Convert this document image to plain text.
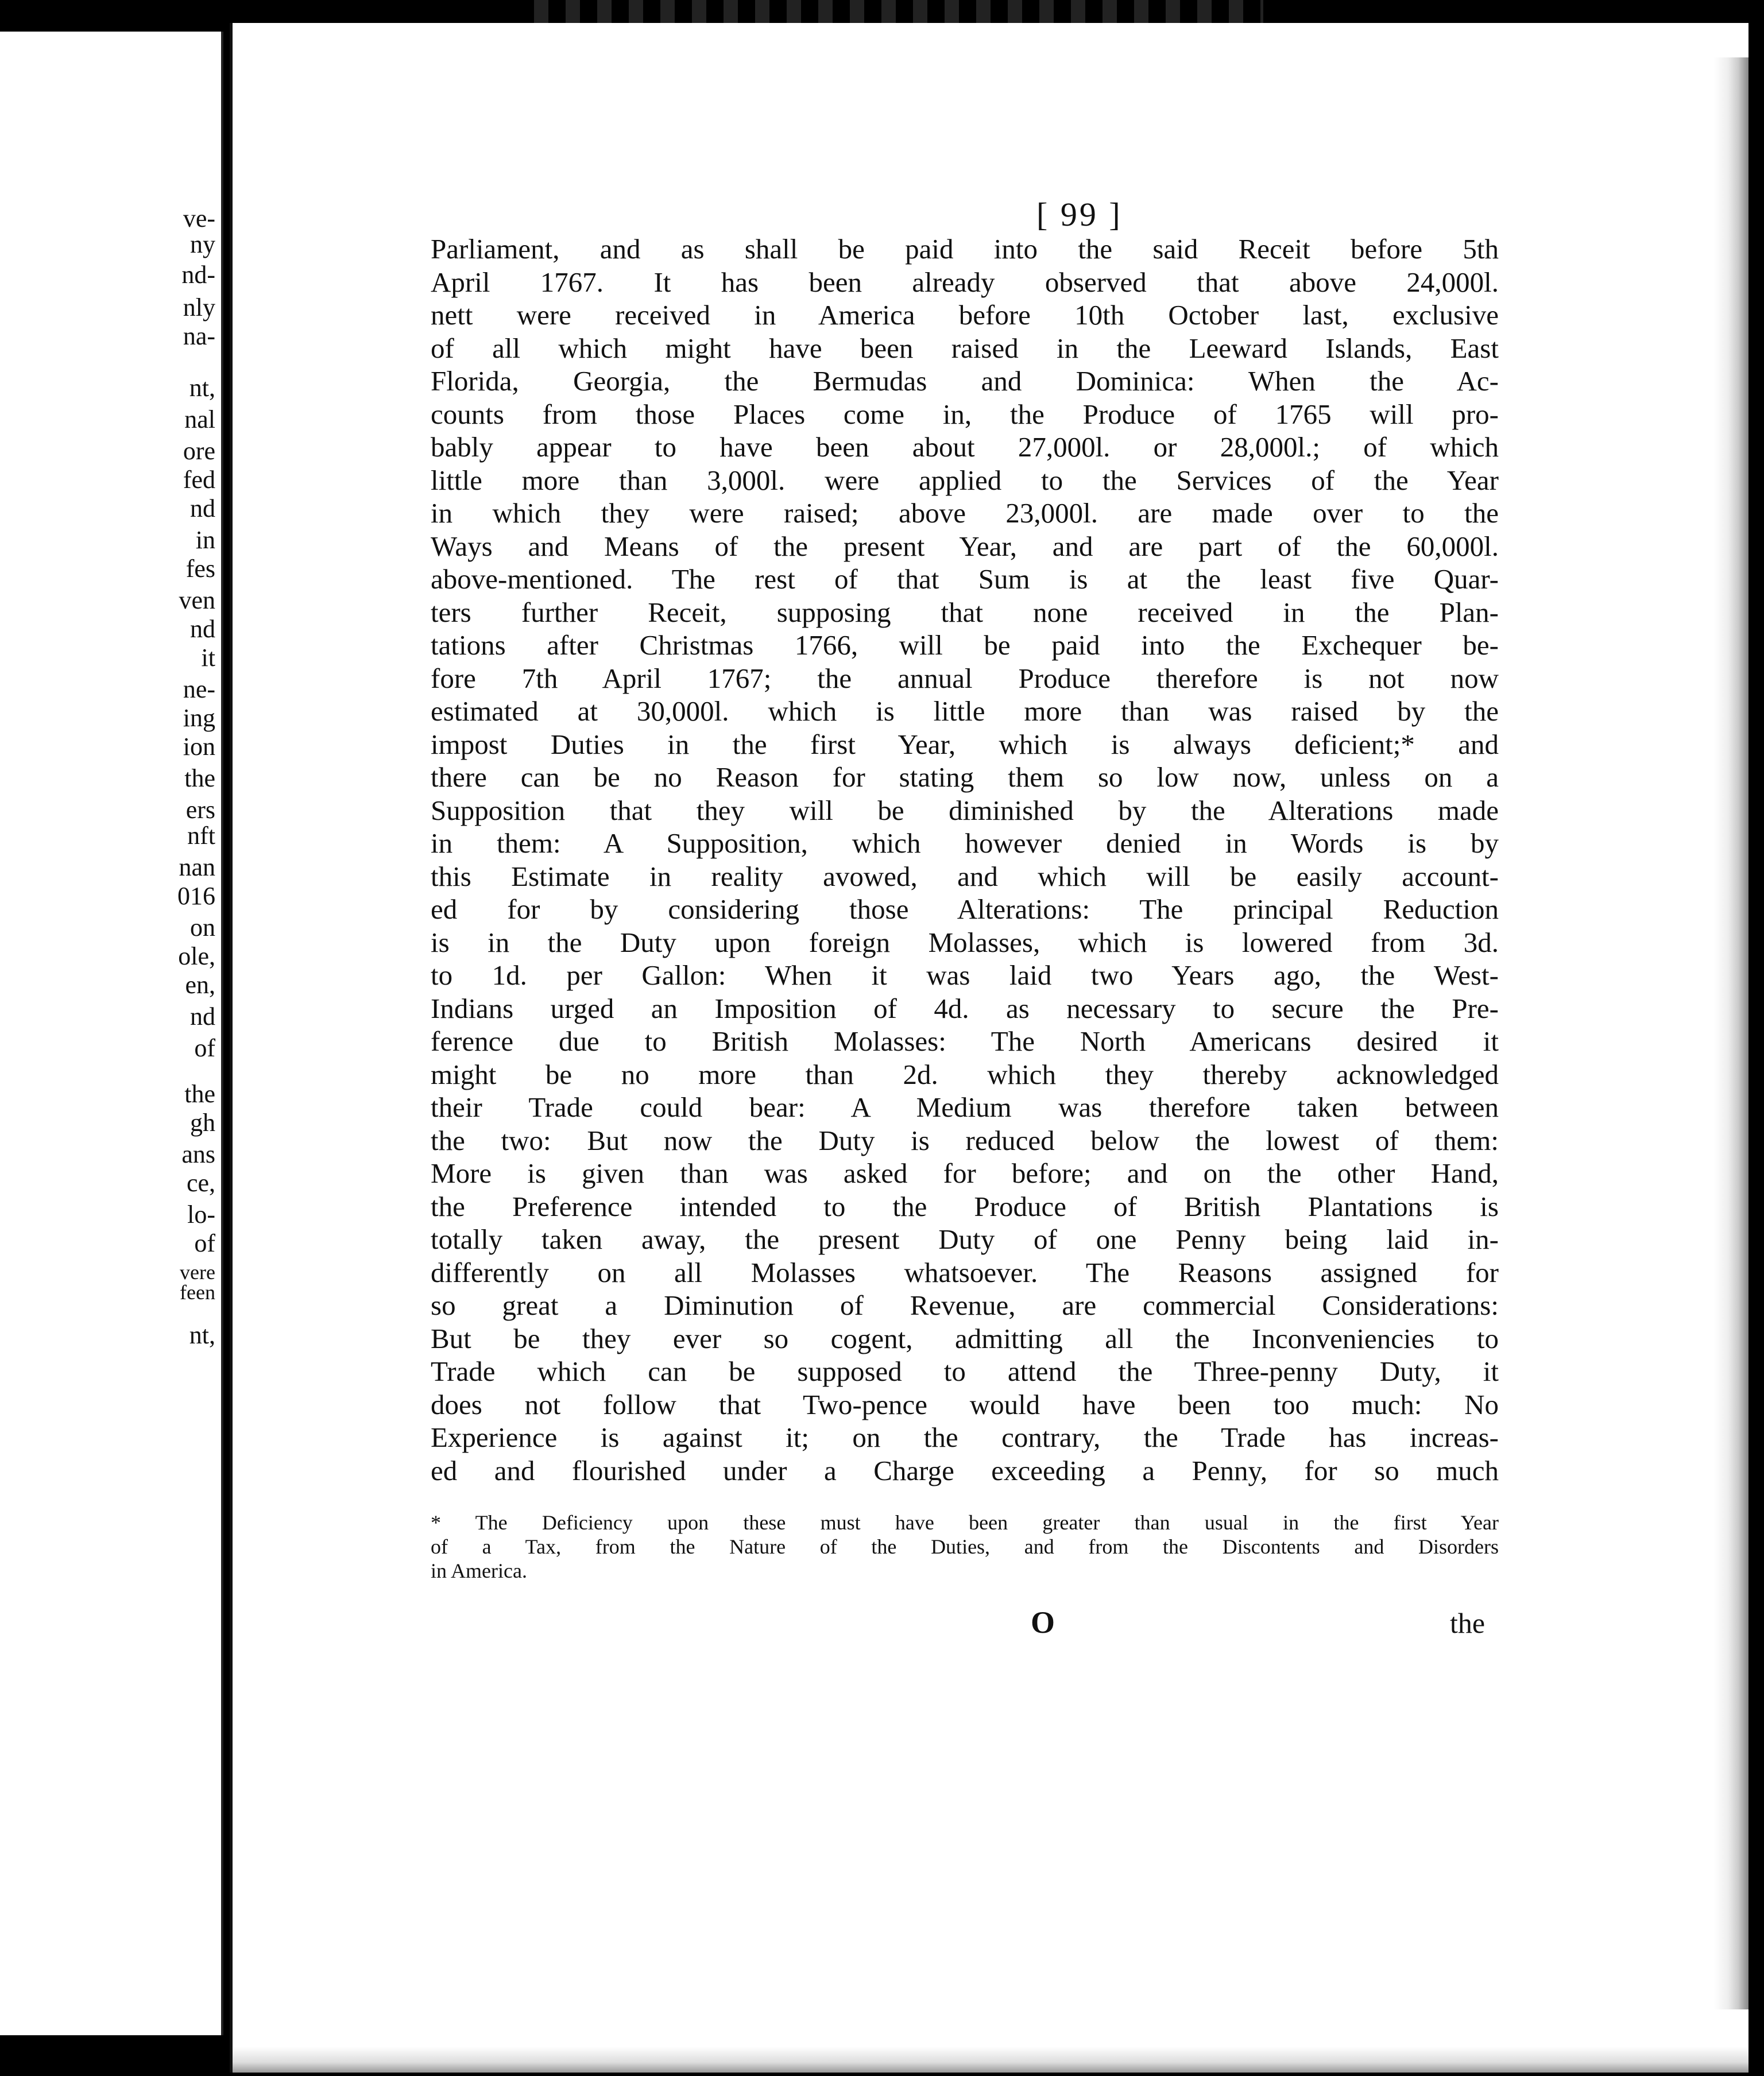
ve-
ny
nd-
nly
na-
nt,
nal
ore
fed
nd
in
fes
ven
nd
it
ne-
ing
ion
the
ers
nft
nan
016
on
ole,
en,
nd
of
the
gh
ans
ce,
lo-
of
vere
feen
nt,
[ 99 ]
O	the
Parliament, and as shall be paid into the said Receit before 5th
April 1767. It has been already observed that above 24,000l.
nett were received in America before 10th October last, exclusive
of all which might have been raised in the Leeward Islands, East
Florida, Georgia, the Bermudas and Dominica: When the Ac-
counts from those Places come in, the Produce of 1765 will pro-
bably appear to have been about 27,000l. or 28,000l.; of which
little more than 3,000l. were applied to the Services of the Year
in which they were raised; above 23,000l. are made over to the
Ways and Means of the present Year, and are part of the 60,000l.
above-mentioned. The rest of that Sum is at the least five Quar-
ters further Receit, supposing that none received in the Plan-
tations after Christmas 1766, will be paid into the Exchequer be-
fore 7th April 1767; the annual Produce therefore is not now
estimated at 30,000l. which is little more than was raised by the
impost Duties in the first Year, which is always deficient;* and
there can be no Reason for stating them so low now, unless on a
Supposition that they will be diminished by the Alterations made
in them: A Supposition, which however denied in Words is by
this Estimate in reality avowed, and which will be easily account-
ed for by considering those Alterations: The principal Reduction
is in the Duty upon foreign Molasses, which is lowered from 3d.
to 1d. per Gallon: When it was laid two Years ago, the West-
Indians urged an Imposition of 4d. as necessary to secure the Pre-
ference due to British Molasses: The North Americans desired it
might be no more than 2d. which they thereby acknowledged
their Trade could bear: A Medium was therefore taken between
the two: But now the Duty is reduced below the lowest of them:
More is given than was asked for before; and on the other Hand,
the Preference intended to the Produce of British Plantations is
totally taken away, the present Duty of one Penny being laid in-
differently on all Molasses whatsoever. The Reasons assigned for
so great a Diminution of Revenue, are commercial Considerations:
But be they ever so cogent, admitting all the Inconveniencies to
Trade which can be supposed to attend the Three-penny Duty, it
does not follow that Two-pence would have been too much: No
Experience is against it; on the contrary, the Trade has increas-
ed and flourished under a Charge exceeding a Penny, for so much
* The Deficiency upon these must have been greater than usual in the first Year
of a Tax, from the Nature of the Duties, and from the Discontents and Disorders
in America.
